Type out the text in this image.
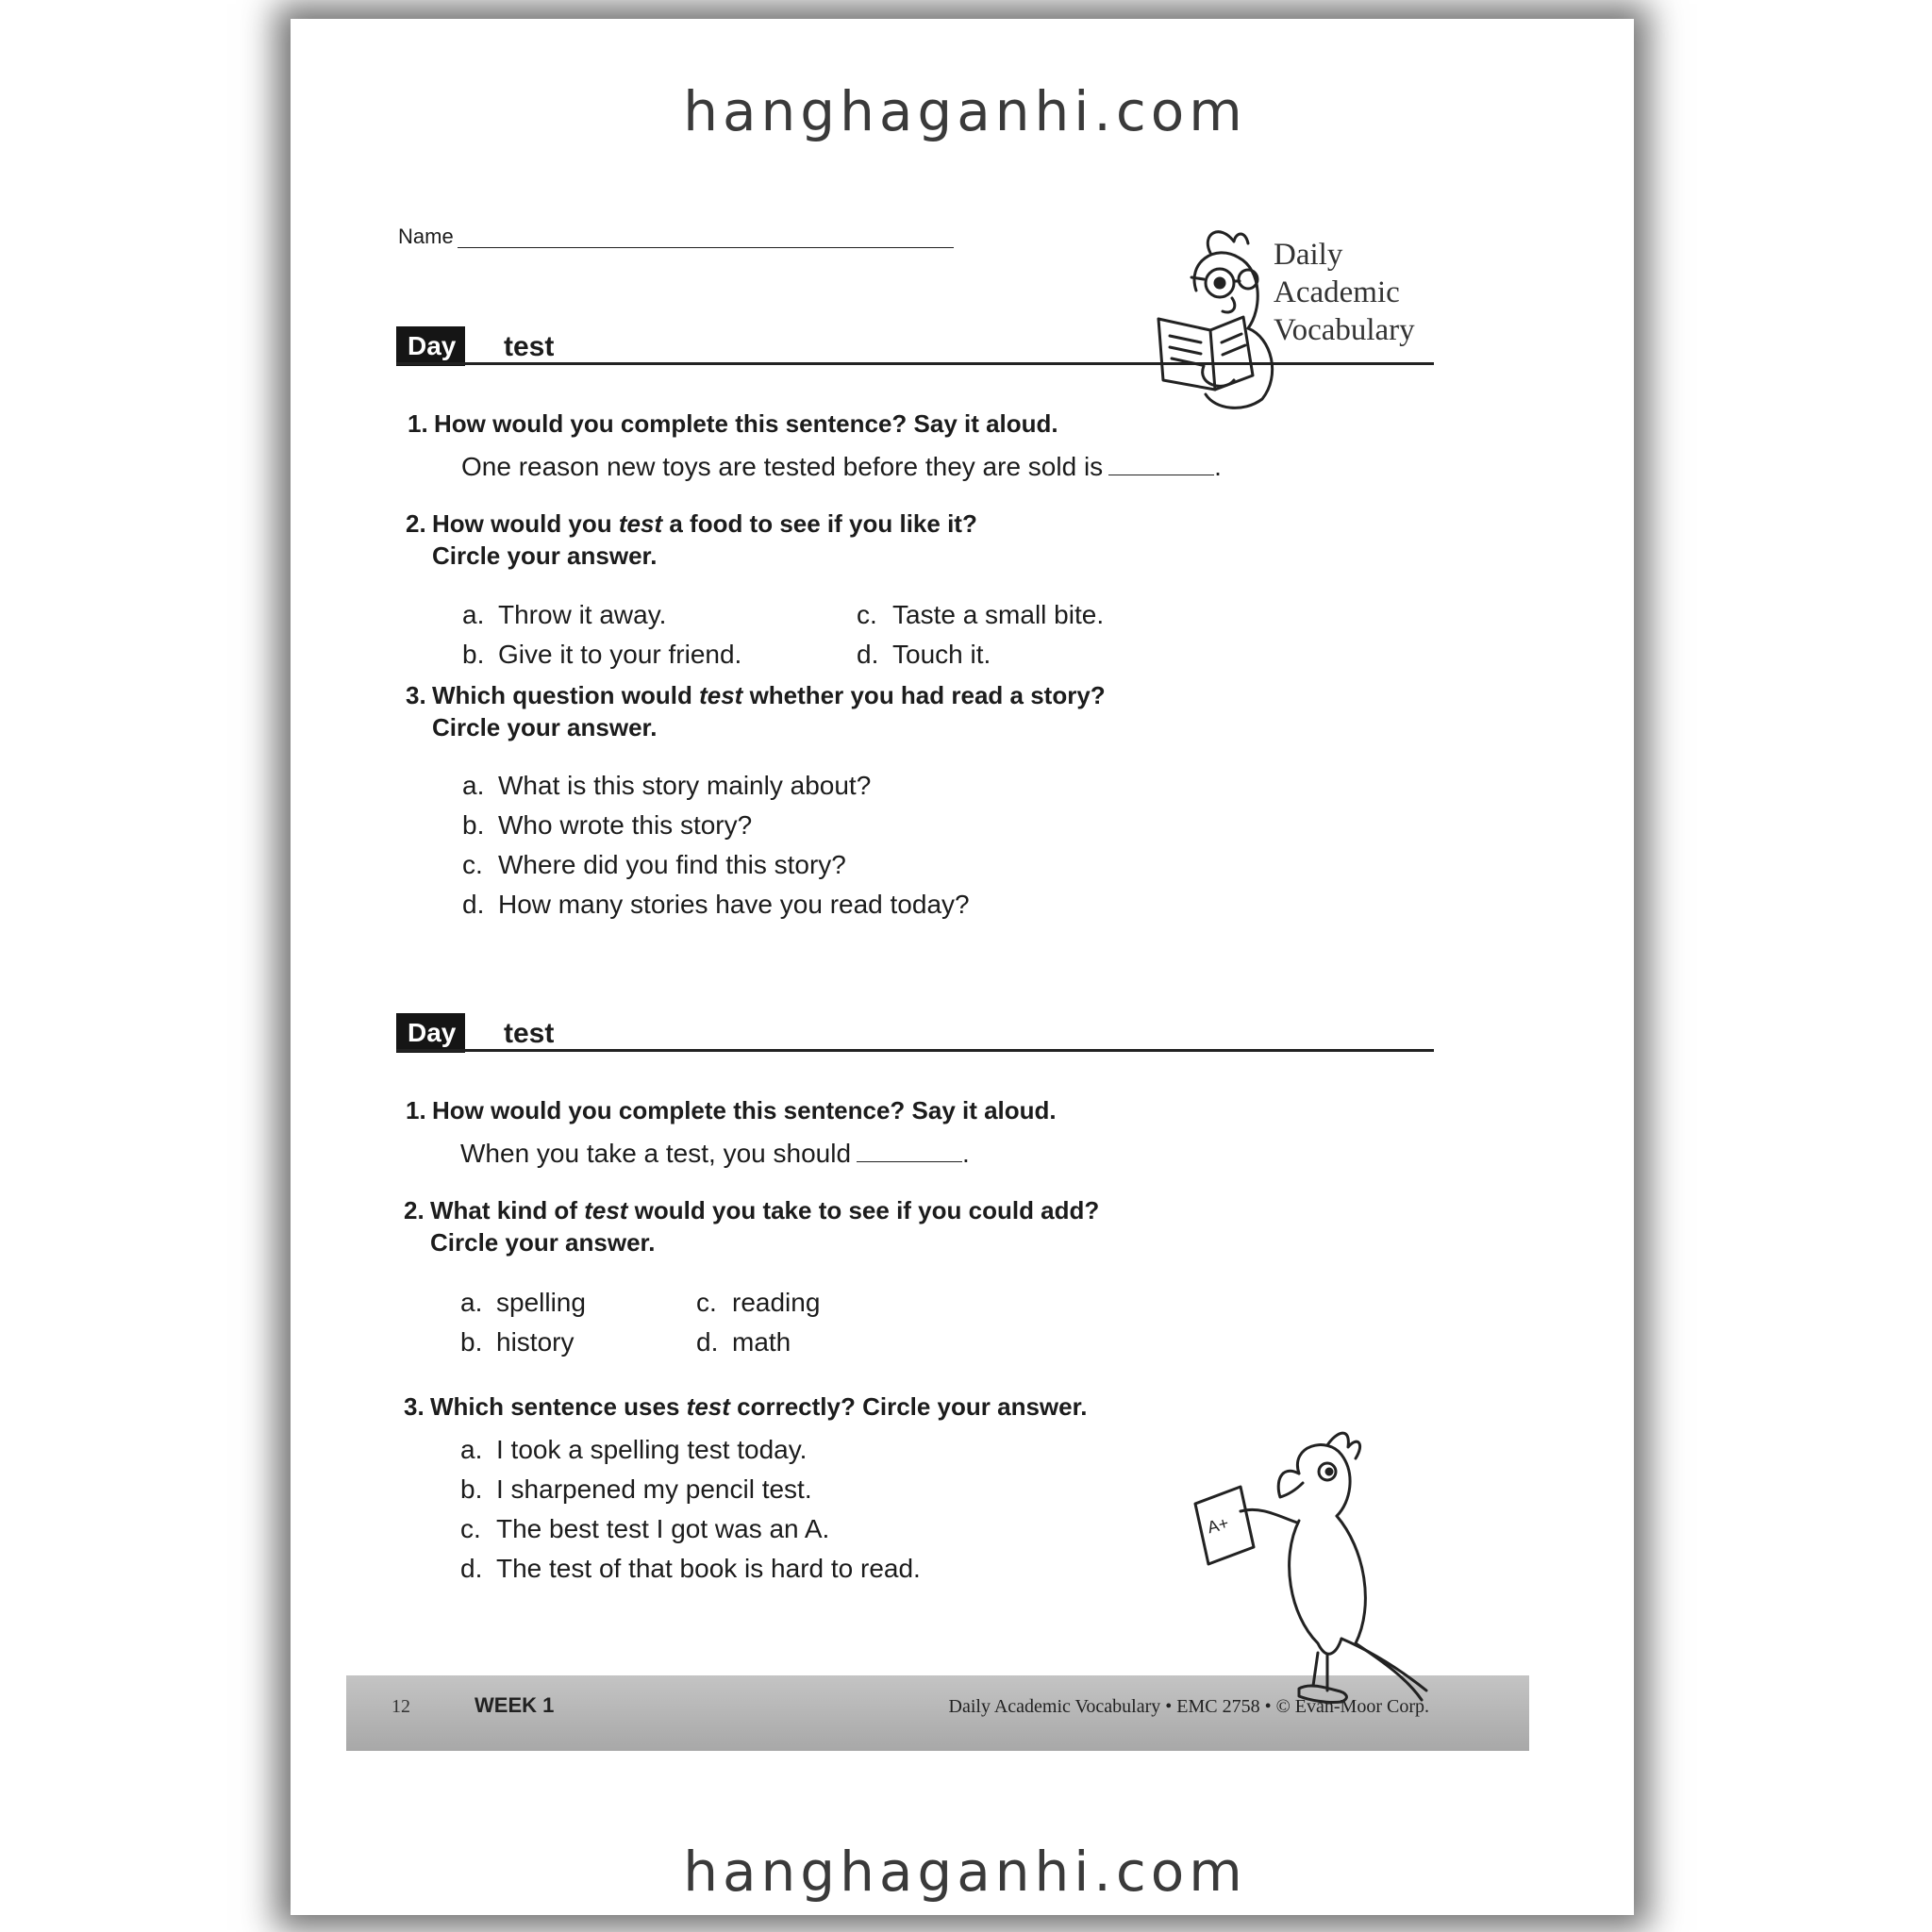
hanghaganhi.com
Name
Daily
Academic
Vocabulary
Day 3
test
1. How would you complete this sentence? Say it aloud.
One reason new toys are tested before they are sold is	.
2. How would you test a food to see if you like it?
Circle your answer.
a. Throw it away.
b. Give it to your friend.
c. Taste a small bite.
d. Touch it.
3. Which question would test whether you had read a story?
Circle your answer.
a. What is this story mainly about?
b. Who wrote this story?
c. Where did you find this story?
d. How many stories have you read today?
Day 4
test
1. How would you complete this sentence? Say it aloud.
When you take a test, you should	.
2. What kind of test would you take to see if you could add?
Circle your answer.
a. spelling
b. history
c. reading
d. math
3. Which sentence uses test correctly? Circle your answer.
a. I took a spelling test today.
b. I sharpened my pencil test.
c. The best test I got was an A.
d. The test of that book is hard to read.
12	WEEK 1	Daily Academic Vocabulary • EMC 2758 • © Evan-Moor Corp.
A+
hanghaganhi.com
